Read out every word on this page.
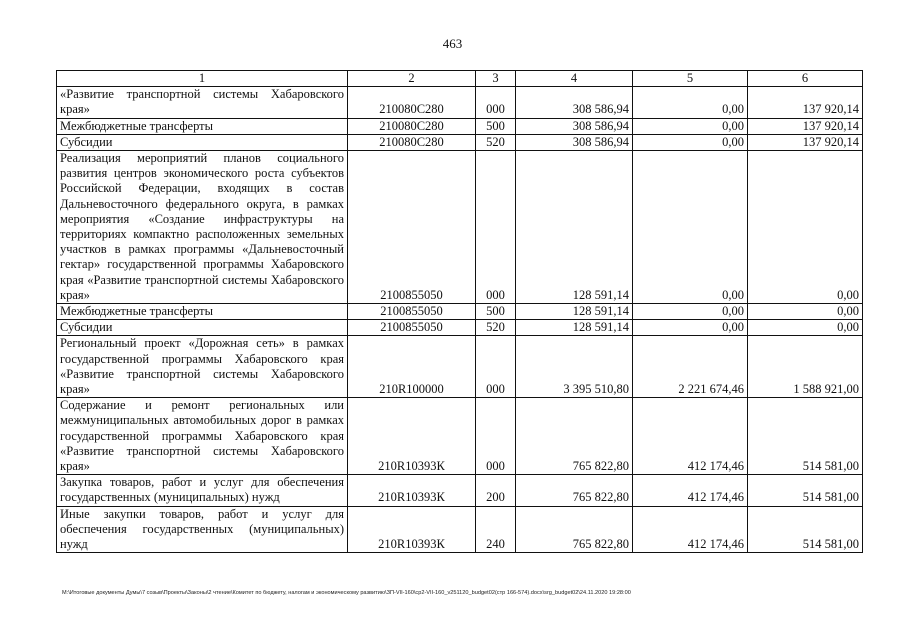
463
1	2	3	4	5	6
«Развитие транспортной системы Хабаровского края»	210080С280	000	308 586,94	0,00	137 920,14
Межбюджетные трансферты	210080С280	500	308 586,94	0,00	137 920,14
Субсидии	210080С280	520	308 586,94	0,00	137 920,14
Реализация мероприятий планов социального развития центров экономического роста субъектов Российской Федерации, входящих в состав Дальневосточного федерального округа, в рамках мероприятия «Создание инфраструктуры на территориях компактно расположенных земельных участков в рамках программы «Дальневосточный гектар» государственной программы Хабаровского края «Развитие транспортной системы Хабаровского края»	2100855050	000	128 591,14	0,00	0,00
Межбюджетные трансферты	2100855050	500	128 591,14	0,00	0,00
Субсидии	2100855050	520	128 591,14	0,00	0,00
Региональный проект «Дорожная сеть» в рамках государственной программы Хабаровского края «Развитие транспортной системы Хабаровского края»	210R100000	000	3 395 510,80	2 221 674,46	1 588 921,00
Содержание и ремонт региональных или межмуниципальных автомобильных дорог в рамках государственной программы Хабаровского края «Развитие транспортной системы Хабаровского края»	210R10393К	000	765 822,80	412 174,46	514 581,00
Закупка товаров, работ и услуг для обеспечения государственных (муниципальных) нужд	210R10393К	200	765 822,80	412 174,46	514 581,00
Иные закупки товаров, работ и услуг для обеспечения государственных (муниципальных) нужд	210R10393К	240	765 822,80	412 174,46	514 581,00
M:\Итоговые документы Думы\7 созыв\Проекты\Законы\2 чтение\Комитет по бюджету, налогам и экономическому развитию\ЗП-VII-160\ср2-VII-160_v251120_budget02(стр 166-574).docx\srg_budget02\24.11.2020 19:28:00
